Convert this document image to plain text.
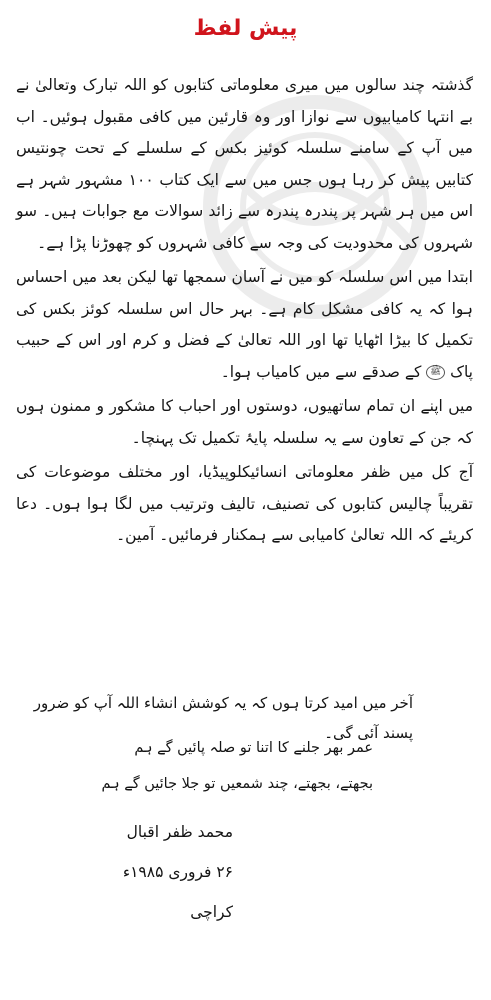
پیش لفظ

گذشتہ چند سالوں میں میری معلوماتی کتابوں کو اللہ تبارک وتعالیٰ نے بے انتہا کامیابیوں سے نوازا اور وہ قارئین میں کافی مقبول ہوئیں۔ اب میں آپ کے سامنے سلسلہ کوئیز بکس کے سلسلے کے تحت چونتیس کتابیں پیش کر رہا ہوں جس میں سے ایک کتاب ۱۰۰ مشہور شہر ہے اس میں ہر شہر پر پندرہ پندرہ سے زائد سوالات مع جوابات ہیں۔ سو شہروں کی محدودیت کی وجہ سے کافی شہروں کو چھوڑنا پڑا ہے۔

ابتدا میں اس سلسلہ کو میں نے آسان سمجھا تھا لیکن بعد میں احساس ہوا کہ یہ کافی مشکل کام ہے۔ بہر حال اس سلسلہ کوئز بکس کی تکمیل کا بیڑا اٹھایا تھا اور اللہ تعالیٰ کے فضل و کرم اور اس کے حبیب پاک ﷺ کے صدقے سے میں کامیاب ہوا۔

میں اپنے ان تمام ساتھیوں، دوستوں اور احباب کا مشکور و ممنون ہوں کہ جن کے تعاون سے یہ سلسلہ پایۂ تکمیل تک پہنچا۔

آج کل میں ظفر معلوماتی انسائیکلوپیڈیا، اور مختلف موضوعات کی تقریباً چالیس کتابوں کی تصنیف، تالیف وترتیب میں لگا ہوا ہوں۔ دعا کریئے کہ اللہ تعالیٰ کامیابی سے ہمکنار فرمائیں۔ آمین۔

آخر میں امید کرتا ہوں کہ یہ کوشش انشاء اللہ آپ کو ضرور پسند آئی گی۔
عمر بھر جلنے کا اتنا تو صلہ پائیں گے ہم
بجھتے، بجھتے، چند شمعیں تو جلا جائیں گے ہم
محمد ظفر اقبال
۲۶ فروری ۱۹۸۵ء
کراچی
